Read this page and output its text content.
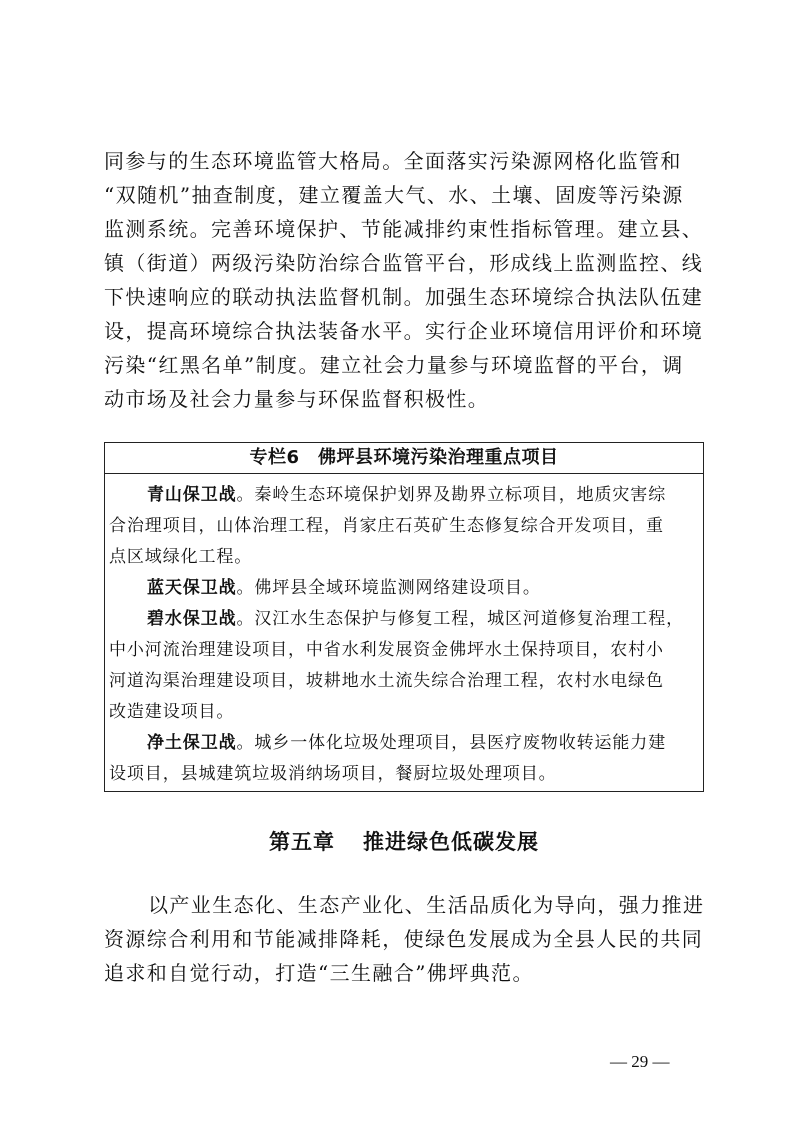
同参与的生态环境监管大格局。全面落实污染源网格化监管和
“双随机”抽查制度，建立覆盖大气、水、土壤、固废等污染源
监测系统。完善环境保护、节能减排约束性指标管理。建立县、
镇（街道）两级污染防治综合监管平台，形成线上监测监控、线
下快速响应的联动执法监督机制。加强生态环境综合执法队伍建
设，提高环境综合执法装备水平。实行企业环境信用评价和环境
污染“红黑名单”制度。建立社会力量参与环境监督的平台，调
动市场及社会力量参与环保监督积极性。
专栏6　佛坪县环境污染治理重点项目
青山保卫战。秦岭生态环境保护划界及勘界立标项目，地质灾害综
合治理项目，山体治理工程，肖家庄石英矿生态修复综合开发项目，重
点区域绿化工程。
蓝天保卫战。佛坪县全域环境监测网络建设项目。
碧水保卫战。汉江水生态保护与修复工程，城区河道修复治理工程，
中小河流治理建设项目，中省水利发展资金佛坪水土保持项目，农村小
河道沟渠治理建设项目，坡耕地水土流失综合治理工程，农村水电绿色
改造建设项目。
净土保卫战。城乡一体化垃圾处理项目，县医疗废物收转运能力建
设项目，县城建筑垃圾消纳场项目，餐厨垃圾处理项目。
第五章 推进绿色低碳发展
以产业生态化、生态产业化、生活品质化为导向，强力推进
资源综合利用和节能减排降耗，使绿色发展成为全县人民的共同
追求和自觉行动，打造“三生融合”佛坪典范。
— 29 —
